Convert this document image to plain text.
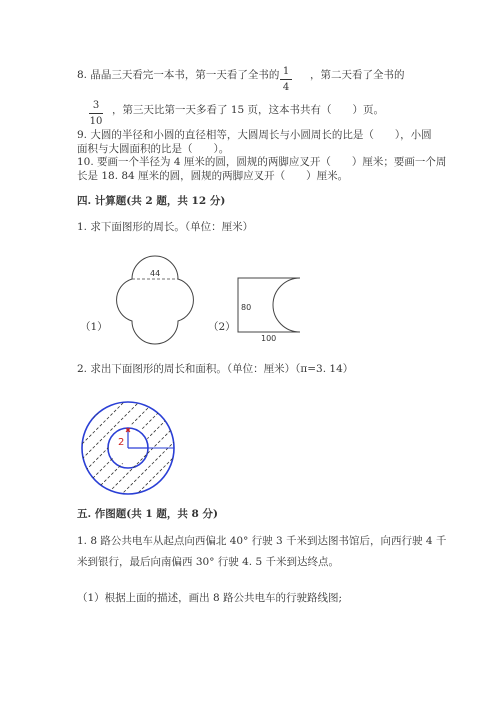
8. 晶晶三天看完一本书，第一天看了全书的 1
4
，第二天看了全书的
3
10
，第三天比第一天多看了 15 页，这本书共有（　　）页。
9. 大圆的半径和小圆的直径相等，大圆周长与小圆周长的比是（　　），小圆
面积与大圆面积的比是（　　）。
10. 要画一个半径为 4 厘米的圆，圆规的两脚应叉开（　　）厘米；要画一个周
长是 18. 84 厘米的圆，圆规的两脚应叉开（　　）厘米。
四. 计算题(共 2 题，共 12 分)
1. 求下面图形的周长。（单位：厘米）
（1）
44
（2）
80
100
2. 求出下面图形的周长和面积。（单位：厘米）（π=3. 14）
2
五. 作图题(共 1 题，共 8 分)
1. 8 路公共电车从起点向西偏北 40° 行驶 3 千米到达图书馆后，向西行驶 4 千
米到银行，最后向南偏西 30° 行驶 4. 5 千米到达终点。
（1）根据上面的描述，画出 8 路公共电车的行驶路线图;
